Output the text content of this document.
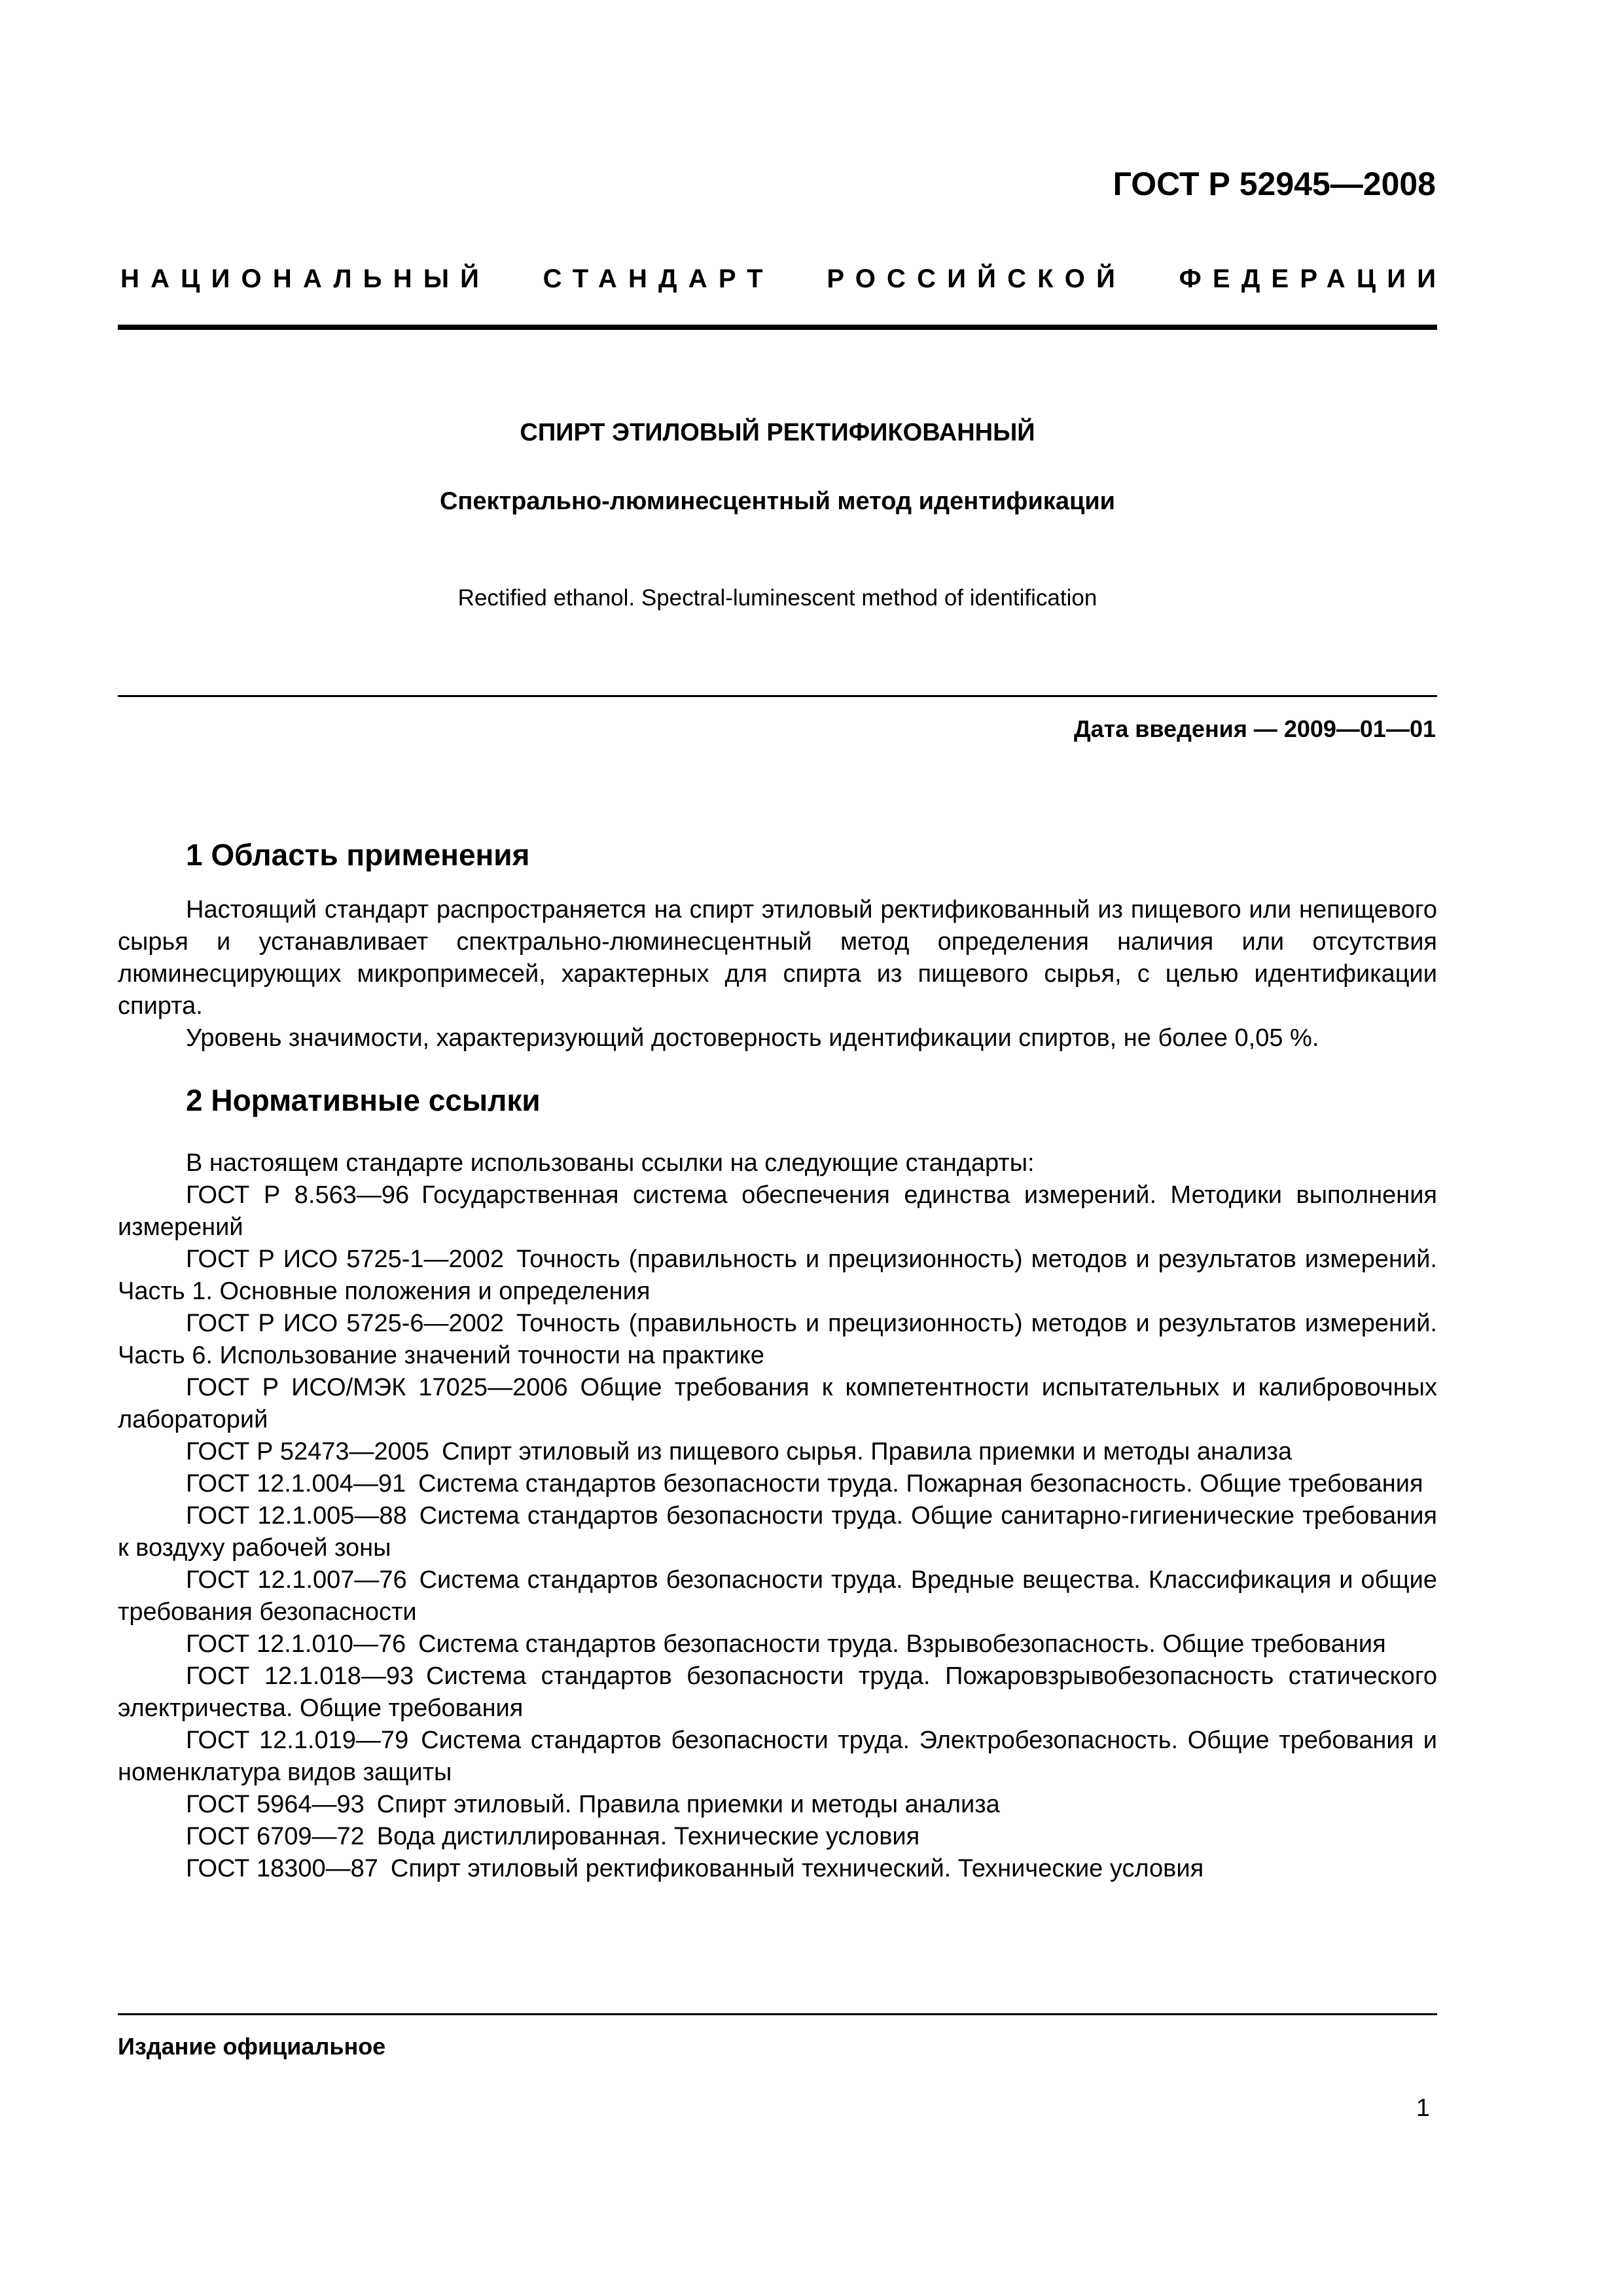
ГОСТ Р 52945—2008
НАЦИОНАЛЬНЫЙ СТАНДАРТ РОССИЙСКОЙ ФЕДЕРАЦИИ
СПИРТ ЭТИЛОВЫЙ РЕКТИФИКОВАННЫЙ
Спектрально-люминесцентный метод идентификации
Rectified ethanol. Spectral-luminescent method of identification
Дата введения — 2009—01—01
1 Область применения

Настоящий стандарт распространяется на спирт этиловый ректификованный из пищевого или непищевого сырья и устанавливает спектрально-люминесцентный метод определения наличия или отсутствия люминесцирующих микропримесей, характерных для спирта из пищевого сырья, с целью идентификации спирта.

Уровень значимости, характеризующий достоверность идентификации спиртов, не более 0,05 %.

2 Нормативные ссылки

В настоящем стандарте использованы ссылки на следующие стандарты:

ГОСТ Р 8.563—96 Государственная система обеспечения единства измерений. Методики выполнения измерений

ГОСТ Р ИСО 5725-1—2002 Точность (правильность и прецизионность) методов и результатов измерений. Часть 1. Основные положения и определения

ГОСТ Р ИСО 5725-6—2002 Точность (правильность и прецизионность) методов и результатов измерений. Часть 6. Использование значений точности на практике

ГОСТ Р ИСО/МЭК 17025—2006 Общие требования к компетентности испытательных и калибровочных лабораторий

ГОСТ Р 52473—2005 Спирт этиловый из пищевого сырья. Правила приемки и методы анализа

ГОСТ 12.1.004—91 Система стандартов безопасности труда. Пожарная безопасность. Общие требования

ГОСТ 12.1.005—88 Система стандартов безопасности труда. Общие санитарно-гигиенические требования к воздуху рабочей зоны

ГОСТ 12.1.007—76 Система стандартов безопасности труда. Вредные вещества. Классификация и общие требования безопасности

ГОСТ 12.1.010—76 Система стандартов безопасности труда. Взрывобезопасность. Общие требования

ГОСТ 12.1.018—93 Система стандартов безопасности труда. Пожаровзрывобезопасность статического электричества. Общие требования

ГОСТ 12.1.019—79 Система стандартов безопасности труда. Электробезопасность. Общие требования и номенклатура видов защиты

ГОСТ 5964—93 Спирт этиловый. Правила приемки и методы анализа

ГОСТ 6709—72 Вода дистиллированная. Технические условия

ГОСТ 18300—87 Спирт этиловый ректификованный технический. Технические условия

Издание официальное
1
